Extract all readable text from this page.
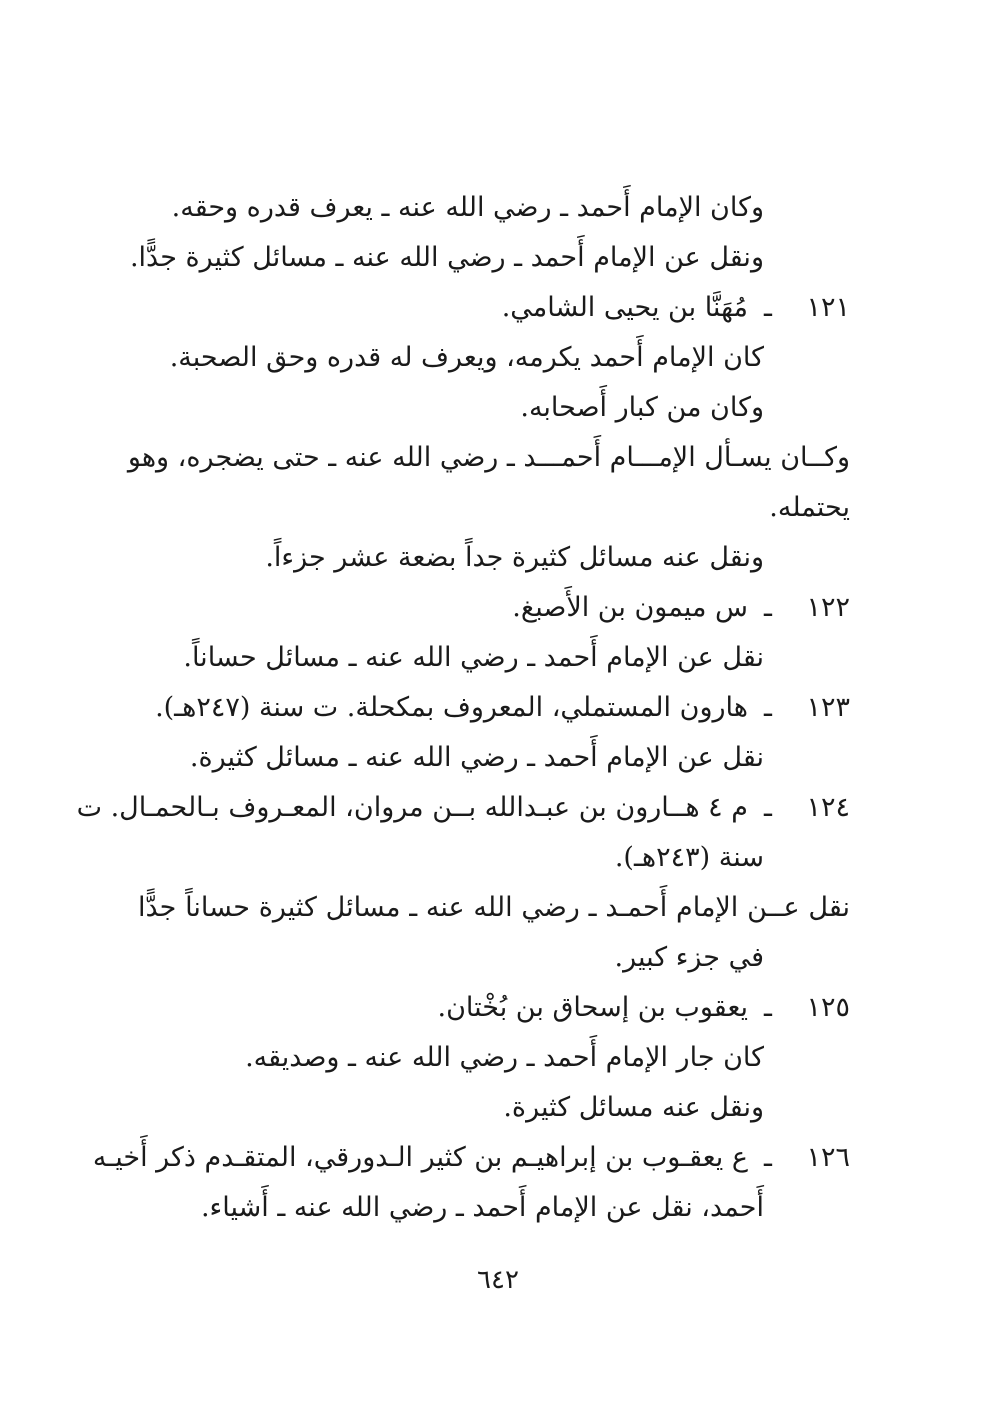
وكان الإمام أَحمد ـ رضي الله عنه ـ يعرف قدره وحقه.
ونقل عن الإمام أَحمد ـ رضي الله عنه ـ مسائل كثيرة جدًّا.
١٢١ـمُهَنَّا بن يحيى الشامي.
كان الإمام أَحمد يكرمه، ويعرف له قدره وحق الصحبة.
وكان من كبار أَصحابه.
وكــان يسـأل الإمـــام أَحمـــد ـ رضي الله عنه ـ حتى يضجره، وهو
يحتمله.
ونقل عنه مسائل كثيرة جداً بضعة عشر جزءاً.
١٢٢ـس ميمون بن الأَصبغ.
نقل عن الإمام أَحمد ـ رضي الله عنه ـ مسائل حساناً.
١٢٣ـهارون المستملي، المعروف بمكحلة. ت سنة (٢٤٧هـ).
نقل عن الإمام أَحمد ـ رضي الله عنه ـ مسائل كثيرة.
١٢٤ـم ٤ هــارون بن عبـدالله بــن مروان، المعـروف بـالحمـال. ت
سنة (٢٤٣هـ).
نقل عــن الإمام أَحمـد ـ رضي الله عنه ـ مسائل كثيرة حساناً جدًّا
في جزء كبير.
١٢٥ـيعقوب بن إسحاق بن بُخْتان.
كان جار الإمام أَحمد ـ رضي الله عنه ـ وصديقه.
ونقل عنه مسائل كثيرة.
١٢٦ـع يعقـوب بن إبراهيـم بن كثير الـدورقي، المتقـدم ذكر أَخيـه
أَحمد، نقل عن الإمام أَحمد ـ رضي الله عنه ـ أَشياء.
٦٤٢
